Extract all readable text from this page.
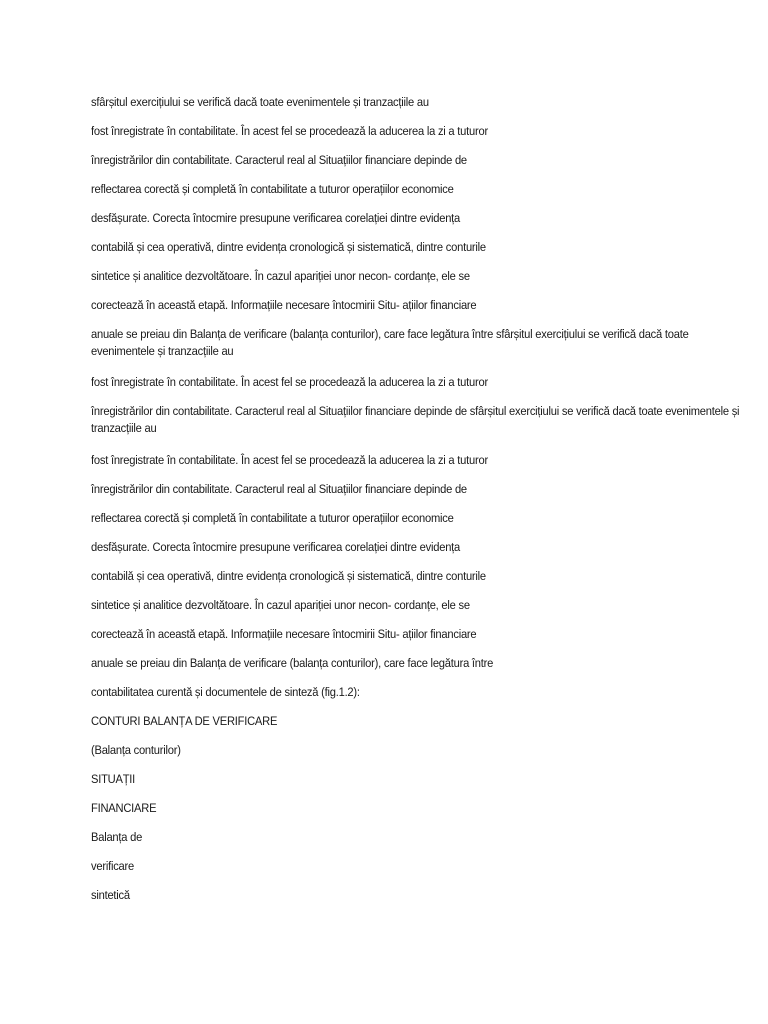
sfârșitul exercițiului se verifică dacă toate evenimentele și tranzacțiile au

fost înregistrate în contabilitate. În acest fel se procedează la aducerea la zi a tuturor

înregistrărilor din contabilitate. Caracterul real al Situațiilor financiare depinde de

reflectarea corectă și completă în contabilitate a tuturor operațiilor economice

desfășurate. Corecta întocmire presupune verificarea corelației dintre evidența

contabilă și cea operativă, dintre evidența cronologică și sistematică, dintre conturile

sintetice și analitice dezvoltătoare. În cazul apariției unor necon- cordanțe, ele se

corectează în această etapă. Informațiile necesare întocmirii Situ- ațiilor financiare

anuale se preiau din Balanța de verificare (balanța conturilor), care face legătura între sfârșitul exercițiului se verifică dacă toate evenimentele și tranzacțiile au

fost înregistrate în contabilitate. În acest fel se procedează la aducerea la zi a tuturor

înregistrărilor din contabilitate. Caracterul real al Situațiilor financiare depinde de sfârșitul exercițiului se verifică dacă toate evenimentele și tranzacțiile au

fost înregistrate în contabilitate. În acest fel se procedează la aducerea la zi a tuturor

înregistrărilor din contabilitate. Caracterul real al Situațiilor financiare depinde de

reflectarea corectă și completă în contabilitate a tuturor operațiilor economice

desfășurate. Corecta întocmire presupune verificarea corelației dintre evidența

contabilă și cea operativă, dintre evidența cronologică și sistematică, dintre conturile

sintetice și analitice dezvoltătoare. În cazul apariției unor necon- cordanțe, ele se

corectează în această etapă. Informațiile necesare întocmirii Situ- ațiilor financiare

anuale se preiau din Balanța de verificare (balanța conturilor), care face legătura între

contabilitatea curentă și documentele de sinteză (fig.1.2):

CONTURI BALANȚA DE VERIFICARE

(Balanța conturilor)

SITUAȚII

FINANCIARE

Balanța de

verificare

sintetică
